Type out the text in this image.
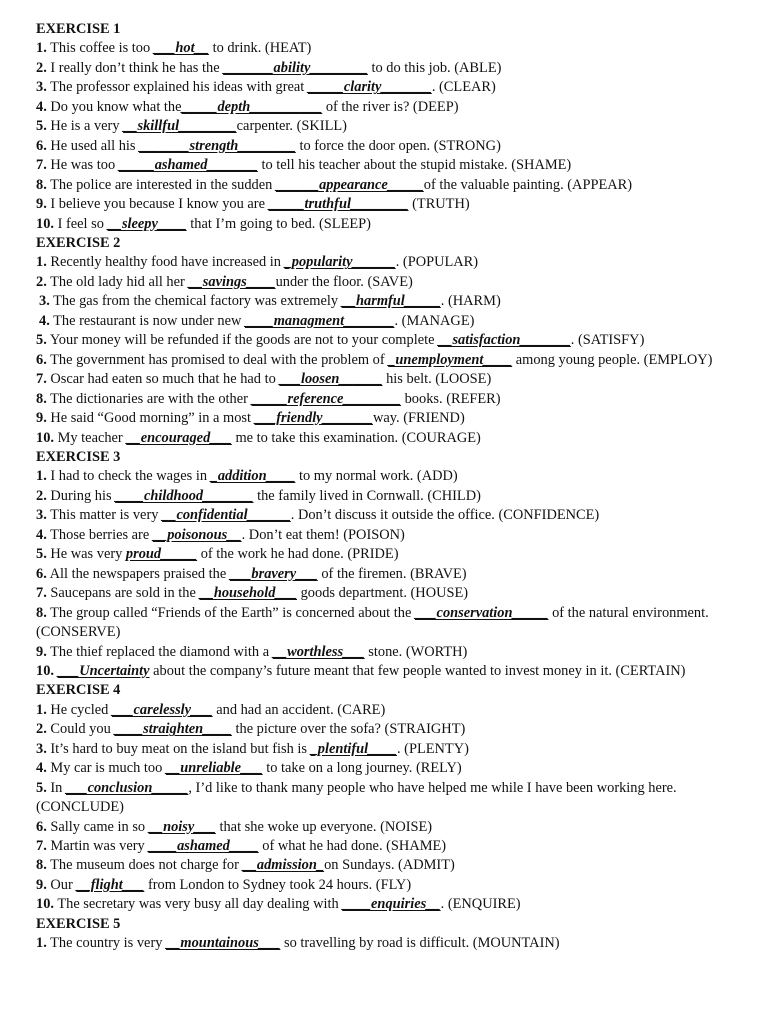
EXERCISE 1
1. This coffee is too ___hot__ to drink. (HEAT)
2. I really don’t think he has the _______ability________ to do this job. (ABLE)
3. The professor explained his ideas with great _____clarity_______. (CLEAR)
4. Do you know what the_____depth__________ of the river is? (DEEP)
5. He is a very __skillful________carpenter. (SKILL)
6. He used all his _______strength________ to force the door open. (STRONG)
7. He was too _____ashamed_______ to tell his teacher about the stupid mistake. (SHAME)
8. The police are interested in the sudden ______appearance_____of the valuable painting. (APPEAR)
9. I believe you because I know you are _____truthful________ (TRUTH)
10. I feel so __sleepy____ that I’m going to bed. (SLEEP)
EXERCISE 2
1. Recently healthy food have increased in _popularity______. (POPULAR)
2. The old lady hid all her __savings____under the floor. (SAVE)
3. The gas from the chemical factory was extremely __harmful_____. (HARM)
4. The restaurant is now under new ____managment_______. (MANAGE)
5. Your money will be refunded if the goods are not to your complete __satisfaction_______. (SATISFY)
6. The government has promised to deal with the problem of _unemployment____ among young people. (EMPLOY)
7. Oscar had eaten so much that he had to ___loosen______ his belt. (LOOSE)
8. The dictionaries are with the other _____reference________ books. (REFER)
9. He said “Good morning” in a most ___friendly_______way. (FRIEND)
10. My teacher __encouraged___ me to take this examination. (COURAGE)
EXERCISE 3
1. I had to check the wages in _addition____ to my normal work. (ADD)
2. During his ____childhood_______ the family lived in Cornwall. (CHILD)
3. This matter is very __confidential______. Don’t discuss it outside the office. (CONFIDENCE)
4. Those berries are __poisonous__. Don’t eat them! (POISON)
5. He was very proud_____ of the work he had done. (PRIDE)
6. All the newspapers praised the ___bravery___ of the firemen. (BRAVE)
7. Saucepans are sold in the __household___ goods department. (HOUSE)
8. The group called “Friends of the Earth” is concerned about the ___conservation_____ of the natural environment. (CONSERVE)
9. The thief replaced the diamond with a __worthless___ stone. (WORTH)
10. ___Uncertainty about the company’s future meant that few people wanted to invest money in it. (CERTAIN)
EXERCISE 4
1. He cycled ___carelessly___ and had an accident. (CARE)
2. Could you ____straighten____ the picture over the sofa? (STRAIGHT)
3. It’s hard to buy meat on the island but fish is _plentiful____. (PLENTY)
4. My car is much too __unreliable___ to take on a long journey. (RELY)
5. In ___conclusion_____, I’d like to thank many people who have helped me while I have been working here. (CONCLUDE)
6. Sally came in so __noisy___ that she woke up everyone. (NOISE)
7. Martin was very ____ashamed____ of what he had done. (SHAME)
8. The museum does not charge for __admission_on Sundays. (ADMIT)
9. Our __flight___ from London to Sydney took 24 hours. (FLY)
10. The secretary was very busy all day dealing with ____enquiries__. (ENQUIRE)
EXERCISE 5
1. The country is very __mountainous___ so travelling by road is difficult. (MOUNTAIN)
